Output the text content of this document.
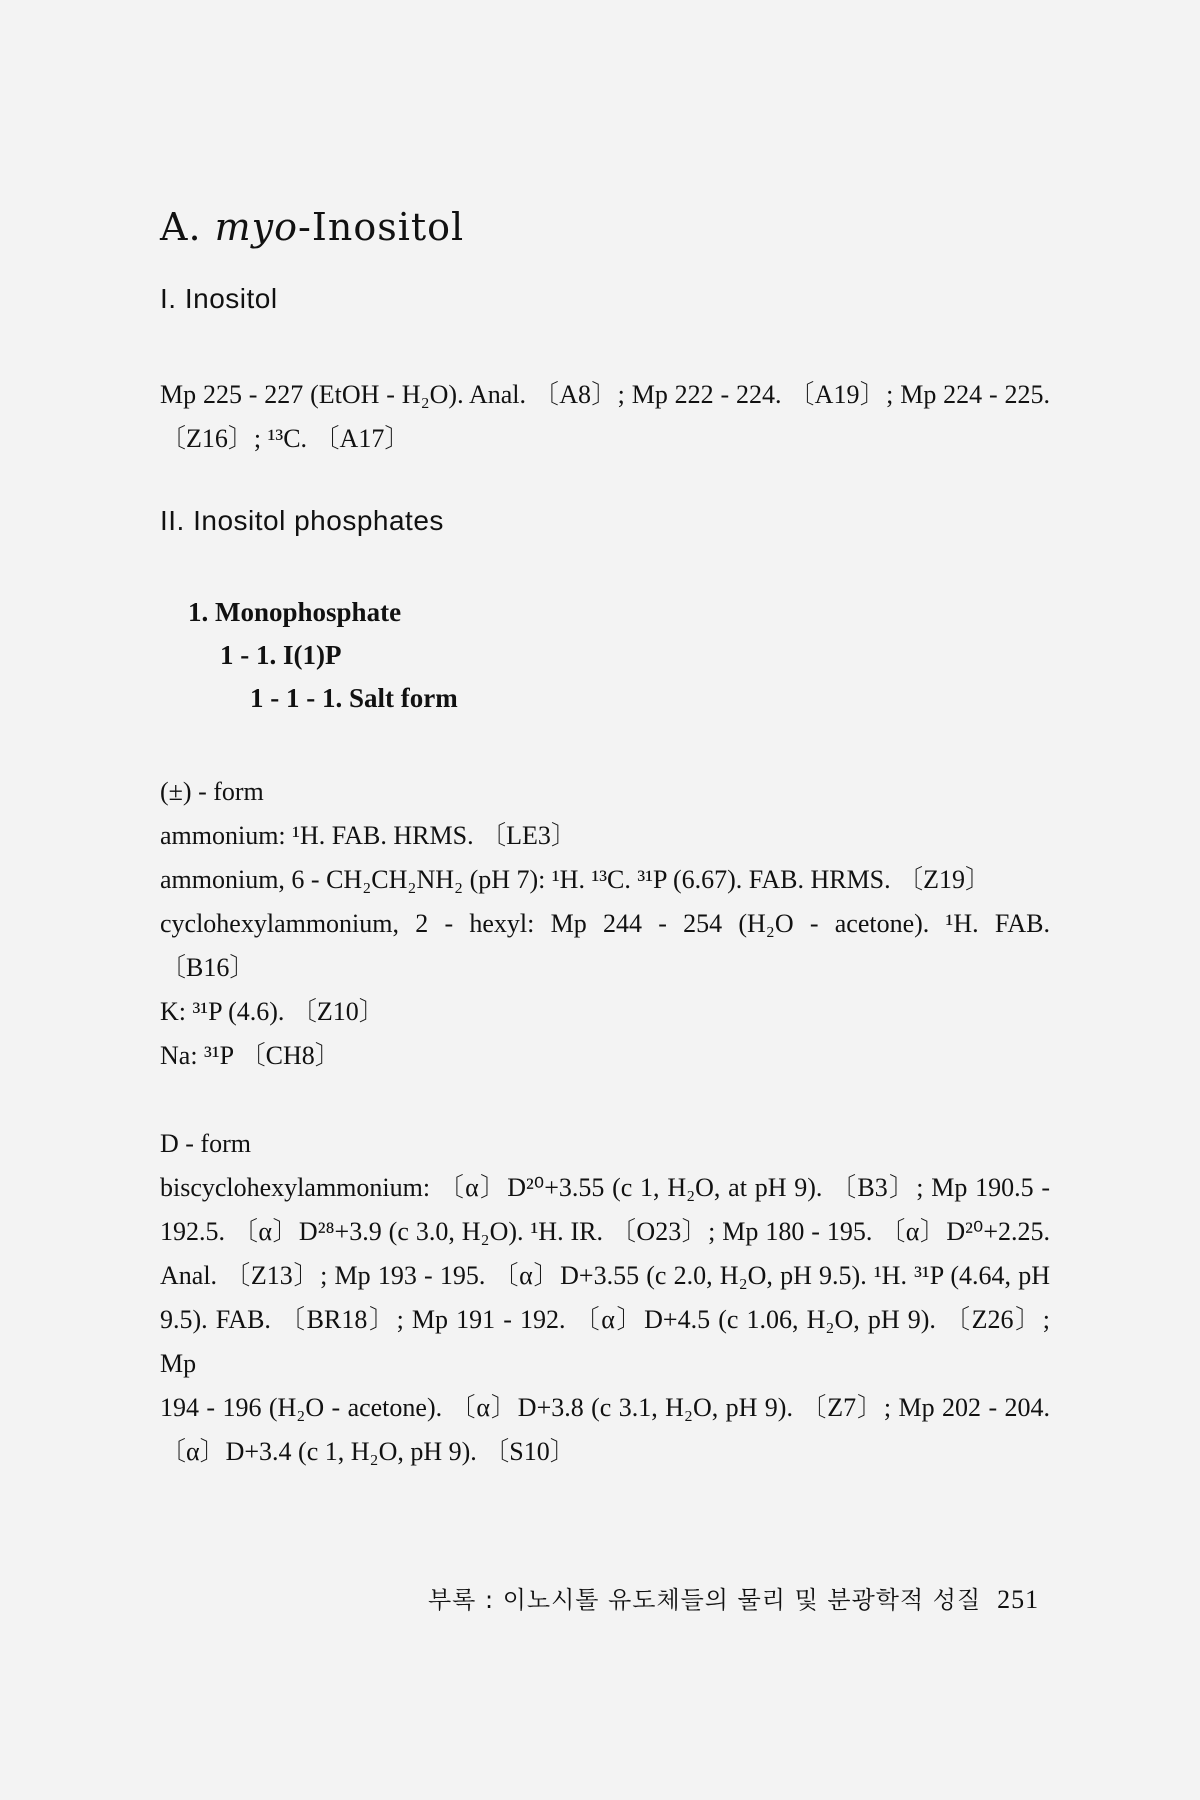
A. myo-Inositol
I. Inositol
Mp 225 - 227 (EtOH - H₂O). Anal. 〔A8〕; Mp 222 - 224. 〔A19〕; Mp 224 - 225.
〔Z16〕; ¹³C. 〔A17〕
II. Inositol phosphates
1. Monophosphate
1 - 1. I(1)P
1 - 1 - 1. Salt form
(±) - form
ammonium: ¹H. FAB. HRMS. 〔LE3〕
ammonium, 6 - CH₂CH₂NH₂ (pH 7): ¹H. ¹³C. ³¹P (6.67). FAB. HRMS. 〔Z19〕
cyclohexylammonium, 2 - hexyl: Mp 244 - 254 (H₂O - acetone). ¹H. FAB.
〔B16〕
K: ³¹P (4.6). 〔Z10〕
Na: ³¹P 〔CH8〕
D - form
biscyclohexylammonium: 〔α〕D²⁰+3.55 (c 1, H₂O, at pH 9). 〔B3〕; Mp 190.5 -
192.5. 〔α〕D²⁸+3.9 (c 3.0, H₂O). ¹H. IR. 〔O23〕; Mp 180 - 195. 〔α〕D²⁰+2.25.
Anal. 〔Z13〕; Mp 193 - 195. 〔α〕D+3.55 (c 2.0, H₂O, pH 9.5). ¹H. ³¹P (4.64, pH
9.5). FAB. 〔BR18〕; Mp 191 - 192. 〔α〕D+4.5 (c 1.06, H₂O, pH 9). 〔Z26〕; Mp
194 - 196 (H₂O - acetone). 〔α〕D+3.8 (c 3.1, H₂O, pH 9). 〔Z7〕; Mp 202 - 204.
〔α〕D+3.4 (c 1, H₂O, pH 9). 〔S10〕
부록 : 이노시톨 유도체들의 물리 및 분광학적 성질 251
